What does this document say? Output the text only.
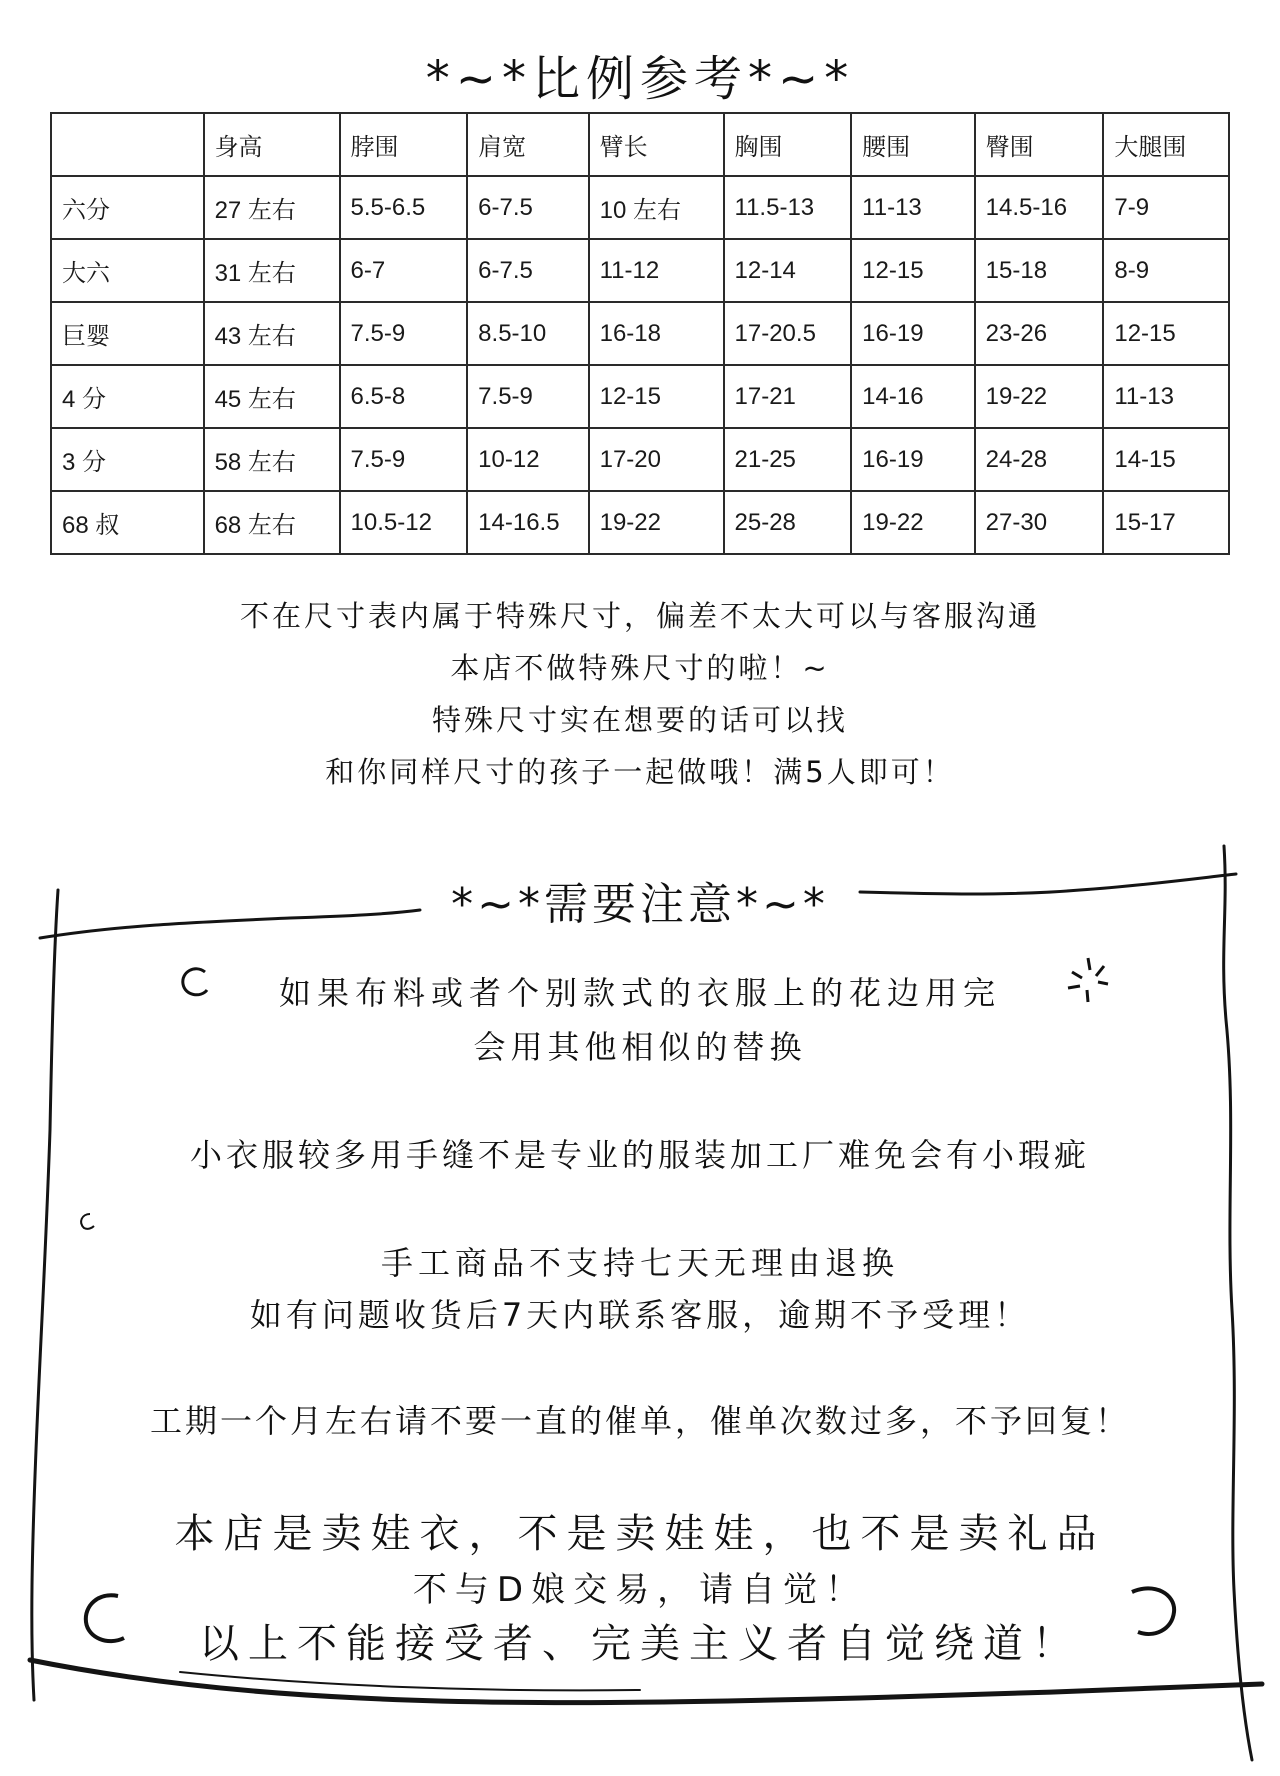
*~*比例参考*~*
	身高	脖围	肩宽	臂长	胸围	腰围	臀围	大腿围
六分	27 左右	5.5-6.5	6-7.5	10 左右	11.5-13	11-13	14.5-16	7-9
大六	31 左右	6-7	6-7.5	11-12	12-14	12-15	15-18	8-9
巨婴	43 左右	7.5-9	8.5-10	16-18	17-20.5	16-19	23-26	12-15
4 分	45 左右	6.5-8	7.5-9	12-15	17-21	14-16	19-22	11-13
3 分	58 左右	7.5-9	10-12	17-20	21-25	16-19	24-28	14-15
68 叔	68 左右	10.5-12	14-16.5	19-22	25-28	19-22	27-30	15-17
不在尺寸表内属于特殊尺寸，偏差不太大可以与客服沟通
本店不做特殊尺寸的啦！~
特殊尺寸实在想要的话可以找
和你同样尺寸的孩子一起做哦！满5人即可！
*~*需要注意*~*
如果布料或者个别款式的衣服上的花边用完
会用其他相似的替换
小衣服较多用手缝不是专业的服装加工厂难免会有小瑕疵
手工商品不支持七天无理由退换
如有问题收货后7天内联系客服，逾期不予受理！
工期一个月左右请不要一直的催单，催单次数过多，不予回复！
本店是卖娃衣，不是卖娃娃，也不是卖礼品
不与D娘交易，请自觉！
以上不能接受者、完美主义者自觉绕道！
